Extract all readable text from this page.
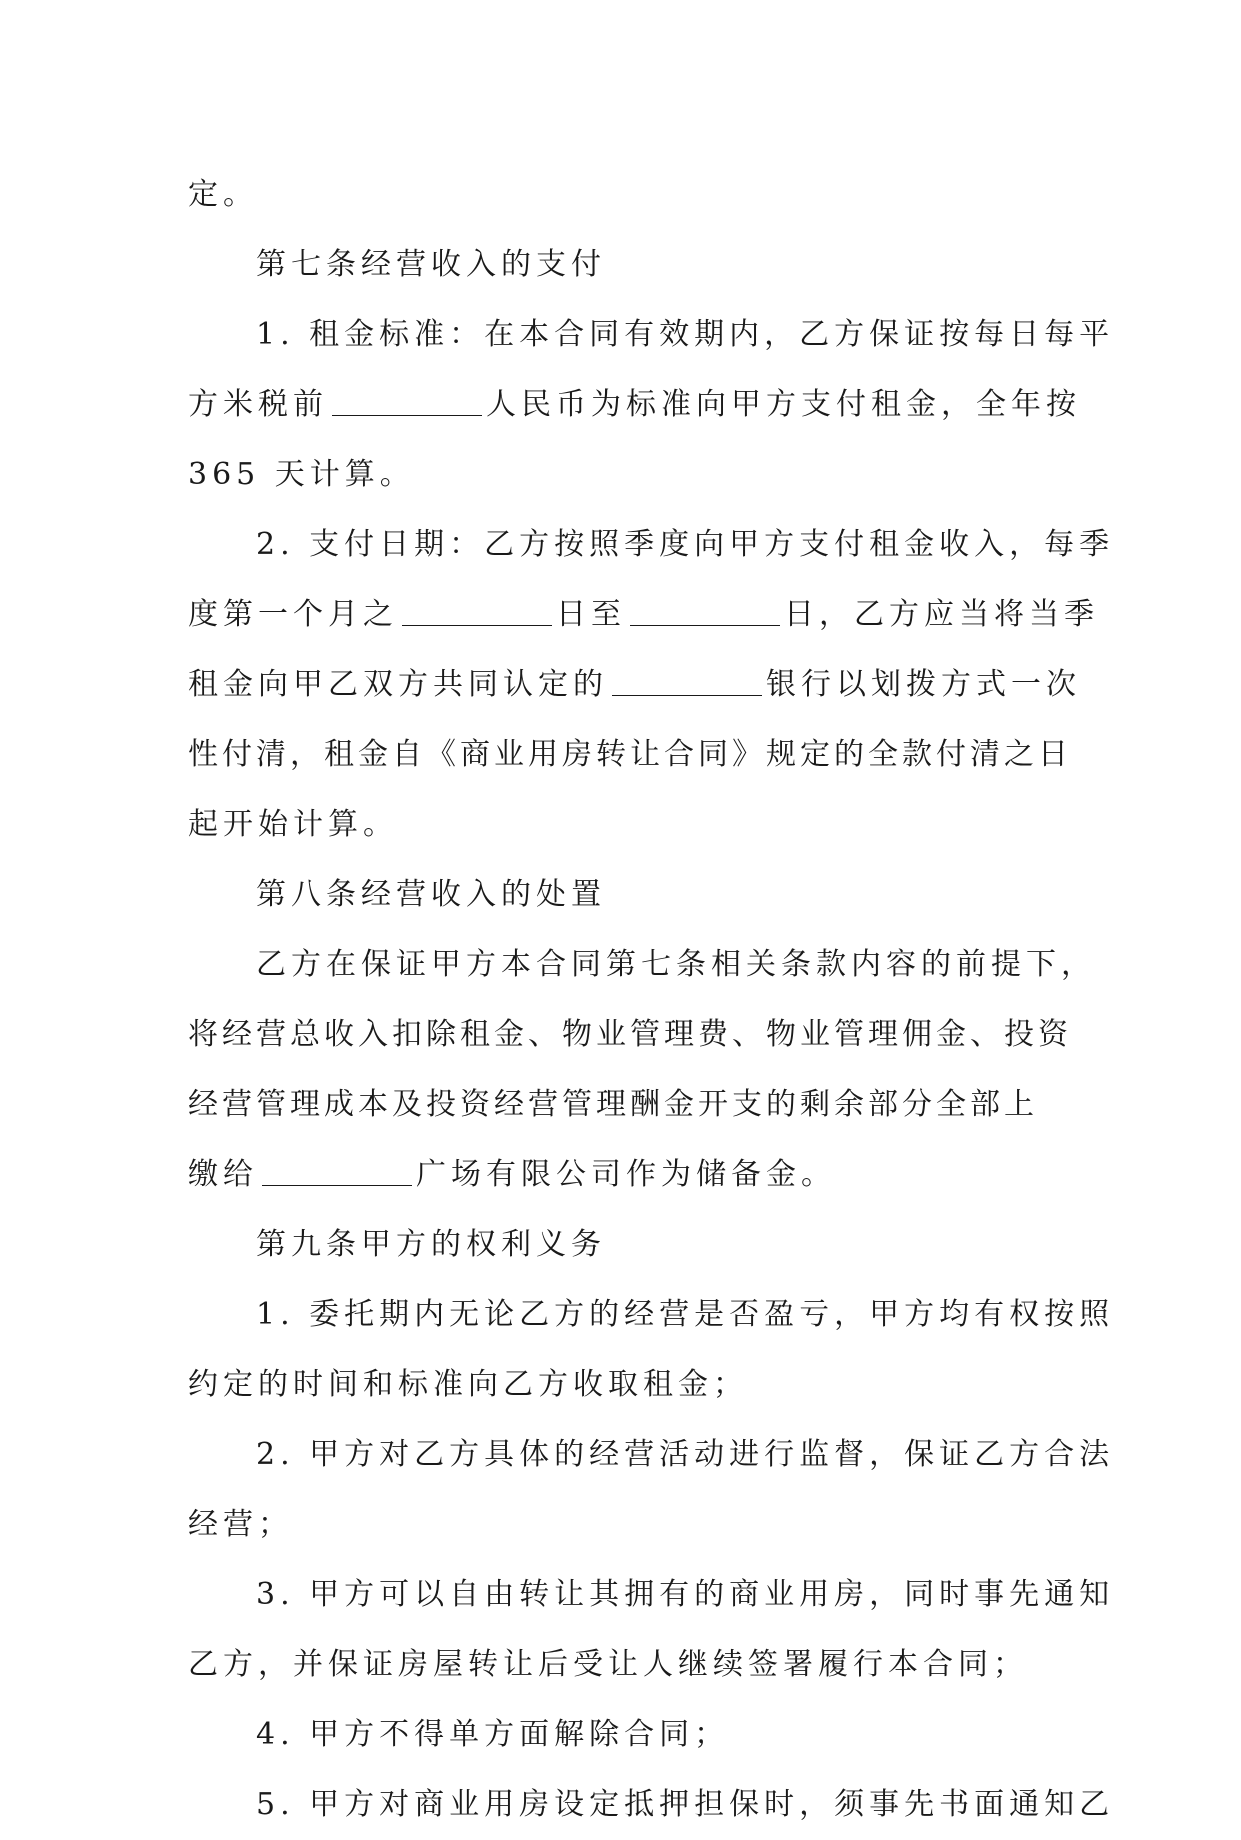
定。
第七条经营收入的支付
1. 租金标准：在本合同有效期内，乙方保证按每日每平
方米税前	人民币为标准向甲方支付租金，全年按
365 天计算。
2. 支付日期：乙方按照季度向甲方支付租金收入，每季
度第一个月之	日至	日，乙方应当将当季
租金向甲乙双方共同认定的	银行以划拨方式一次
性付清，租金自《商业用房转让合同》规定的全款付清之日
起开始计算。
第八条经营收入的处置
乙方在保证甲方本合同第七条相关条款内容的前提下，
将经营总收入扣除租金、物业管理费、物业管理佣金、投资
经营管理成本及投资经营管理酬金开支的剩余部分全部上
缴给	广场有限公司作为储备金。
第九条甲方的权利义务
1. 委托期内无论乙方的经营是否盈亏，甲方均有权按照
约定的时间和标准向乙方收取租金；
2. 甲方对乙方具体的经营活动进行监督，保证乙方合法
经营；
3. 甲方可以自由转让其拥有的商业用房，同时事先通知
乙方，并保证房屋转让后受让人继续签署履行本合同；
4. 甲方不得单方面解除合同；
5. 甲方对商业用房设定抵押担保时，须事先书面通知乙
